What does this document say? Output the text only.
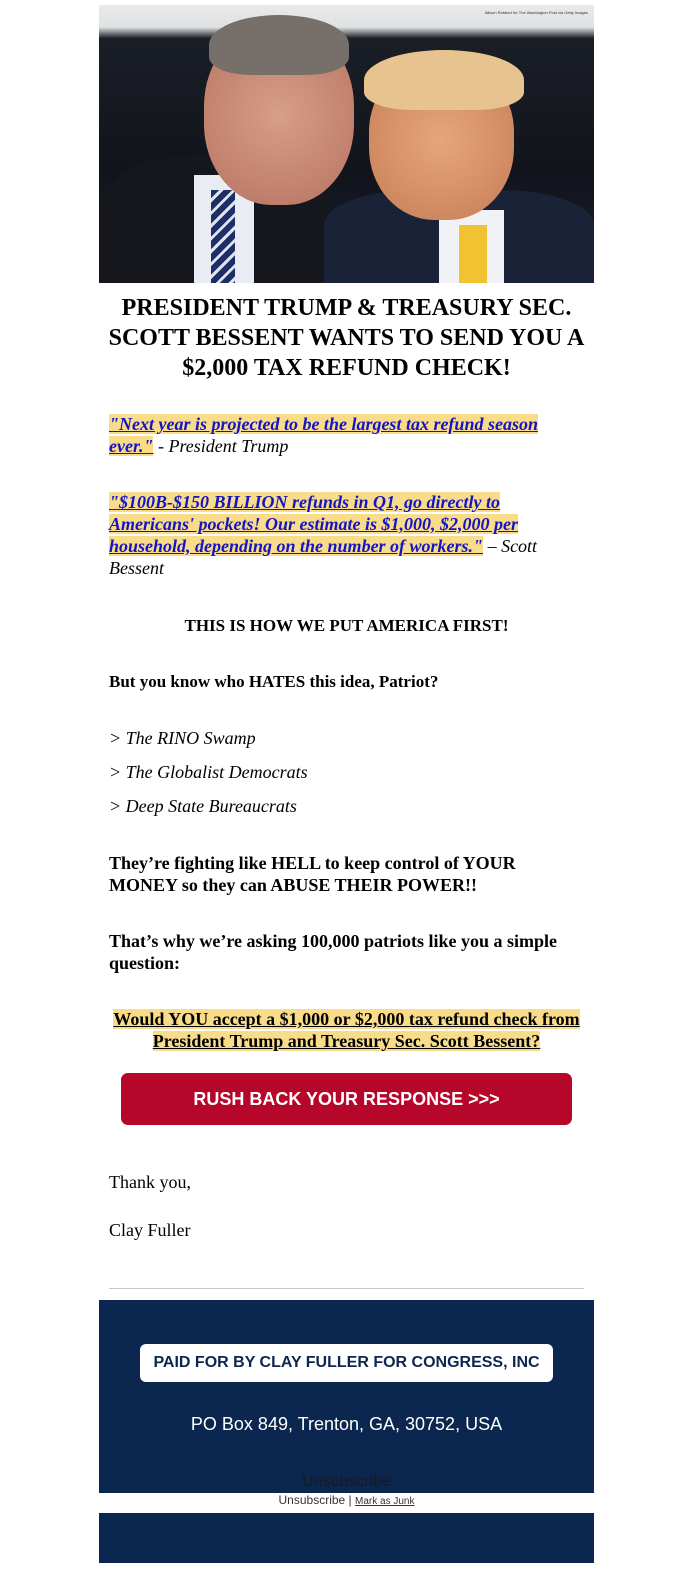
Allison Robbert for The Washington Post via Getty Images
PRESIDENT TRUMP & TREASURY SEC. SCOTT BESSENT WANTS TO SEND YOU A $2,000 TAX REFUND CHECK!
"Next year is projected to be the largest tax refund season ever." - President Trump
"$100B-$150 BILLION refunds in Q1, go directly to Americans' pockets! Our estimate is $1,000, $2,000 per household, depending on the number of workers." – Scott Bessent
THIS IS HOW WE PUT AMERICA FIRST!
But you know who HATES this idea, Patriot?
> The RINO Swamp
> The Globalist Democrats
> Deep State Bureaucrats
They’re fighting like HELL to keep control of YOUR MONEY so they can ABUSE THEIR POWER!!
That’s why we’re asking 100,000 patriots like you a simple question:
Would YOU accept a $1,000 or $2,000 tax refund check from President Trump and Treasury Sec. Scott Bessent?
RUSH BACK YOUR RESPONSE >>>
Thank you,
Clay Fuller
PAID FOR BY CLAY FULLER FOR CONGRESS, INC
PO Box 849, Trenton, GA, 30752, USA
Unsubscribe
Unsubscribe | Mark as Junk
